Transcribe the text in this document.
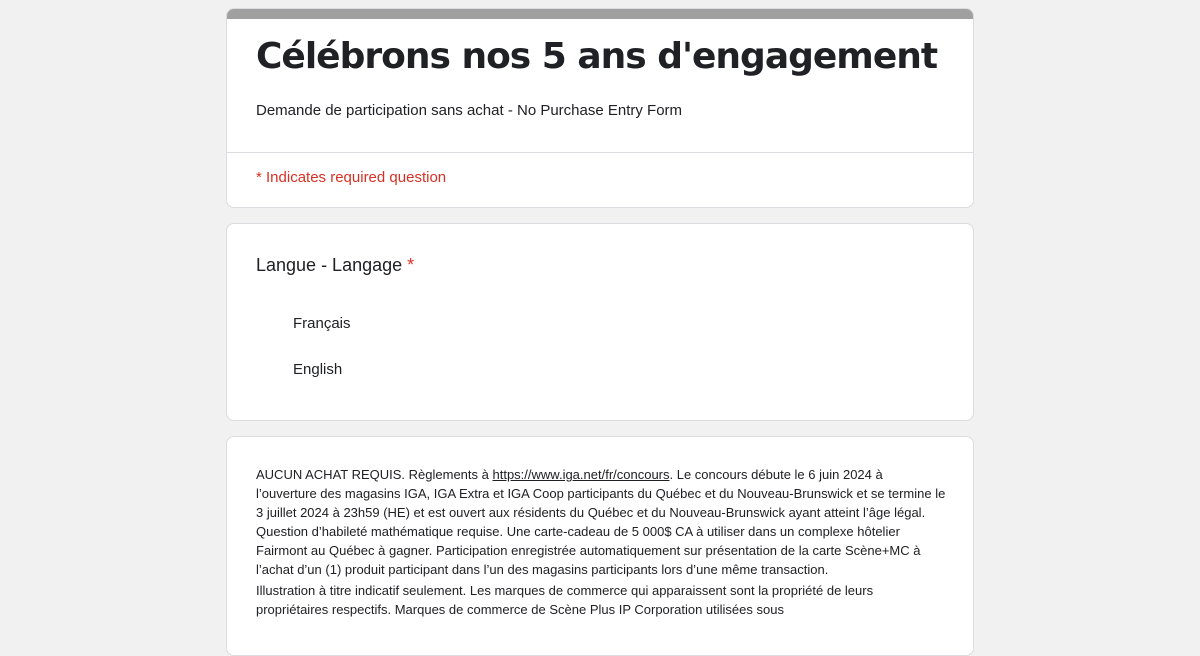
Célébrons nos 5 ans d'engagement
Demande de participation sans achat - No Purchase Entry Form
* Indicates required question
Langue - Langage *
Français
English

AUCUN ACHAT REQUIS. Règlements à https://www.iga.net/fr/concours. Le concours débute le 6 juin 2024 à l’ouverture des magasins IGA, IGA Extra et IGA Coop participants du Québec et du Nouveau-Brunswick et se termine le 3 juillet 2024 à 23h59 (HE) et est ouvert aux résidents du Québec et du Nouveau-Brunswick ayant atteint l’âge légal. Question d’habileté mathématique requise. Une carte-cadeau de 5 000$ CA à utiliser dans un complexe hôtelier Fairmont au Québec à gagner. Participation enregistrée automatiquement sur présentation de la carte Scène+MC à l’achat d’un (1) produit participant dans l’un des magasins participants lors d’une même transaction.

Illustration à titre indicatif seulement. Les marques de commerce qui apparaissent sont la propriété de leurs propriétaires respectifs. Marques de commerce de Scène Plus IP Corporation utilisées sous
